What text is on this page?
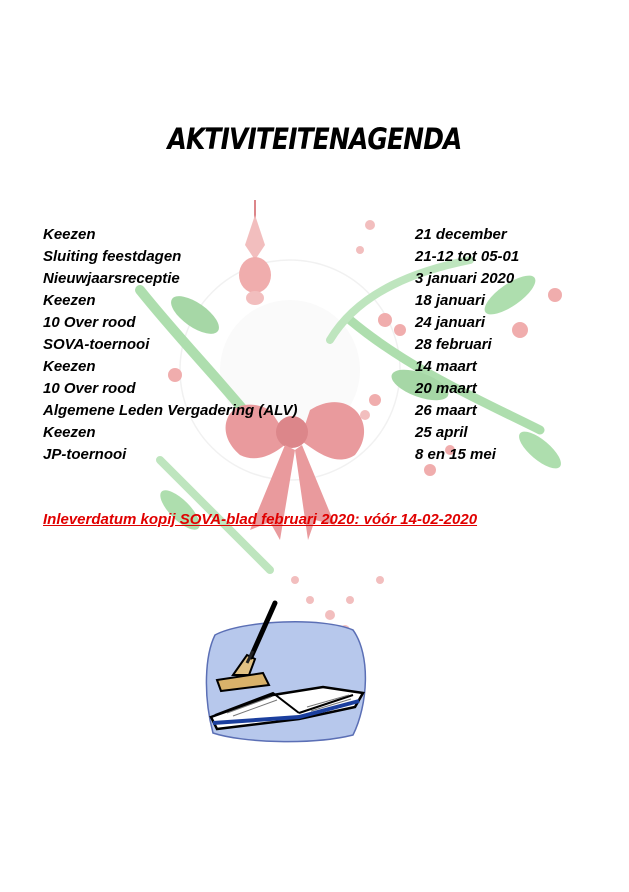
AKTIVITEITENAGENDA
Keezen	21 december
Sluiting feestdagen	21-12 tot 05-01
Nieuwjaarsreceptie	3 januari 2020
Keezen	18 januari
10 Over rood	24 januari
SOVA-toernooi	28 februari
Keezen	14 maart
10 Over rood	20 maart
Algemene Leden Vergadering (ALV)	26 maart
Keezen	25 april
JP-toernooi	8 en 15 mei
Inleverdatum kopij SOVA-blad februari 2020: vóór 14-02-2020
